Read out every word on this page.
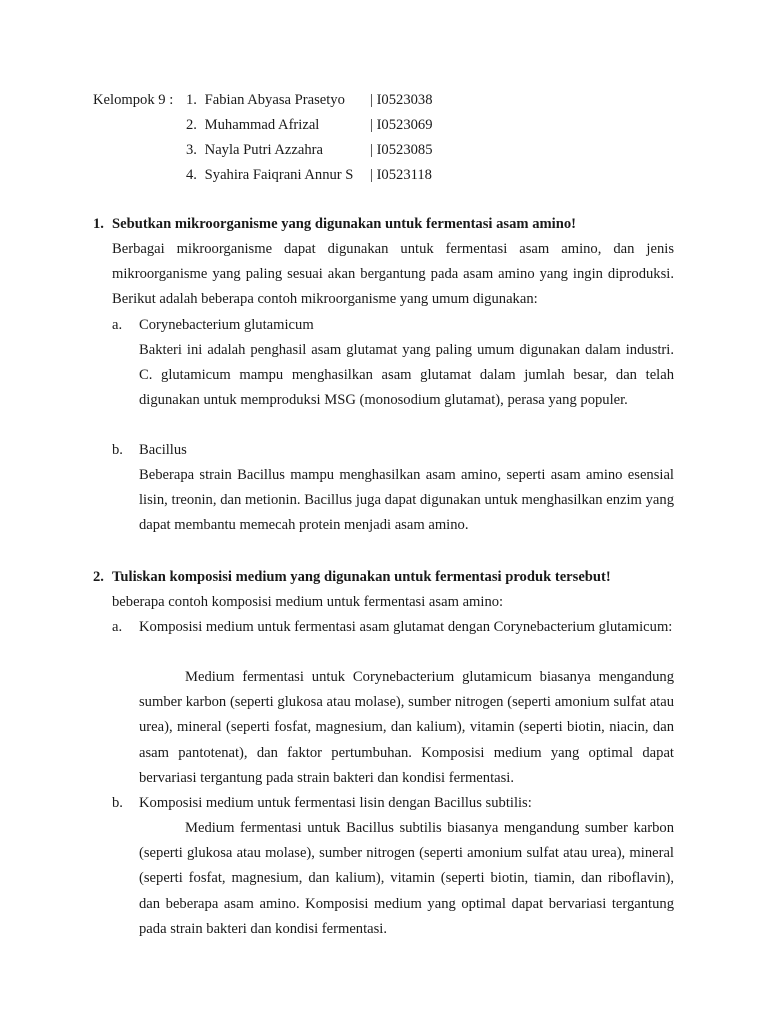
Kelompok 9 : 1. Fabian Abyasa Prasetyo | I0523038
2. Muhammad Afrizal	| I0523069
3. Nayla Putri Azzahra	| I0523085
4. Syahira Faiqrani Annur S | I0523118
1. Sebutkan mikroorganisme yang digunakan untuk fermentasi asam amino!
Berbagai mikroorganisme dapat digunakan untuk fermentasi asam amino, dan jenis mikroorganisme yang paling sesuai akan bergantung pada asam amino yang ingin diproduksi. Berikut adalah beberapa contoh mikroorganisme yang umum digunakan:
a. Corynebacterium glutamicum
Bakteri ini adalah penghasil asam glutamat yang paling umum digunakan dalam industri. C. glutamicum mampu menghasilkan asam glutamat dalam jumlah besar, dan telah digunakan untuk memproduksi MSG (monosodium glutamat), perasa yang populer.
b. Bacillus
Beberapa strain Bacillus mampu menghasilkan asam amino, seperti asam amino esensial lisin, treonin, dan metionin. Bacillus juga dapat digunakan untuk menghasilkan enzim yang dapat membantu memecah protein menjadi asam amino.
2. Tuliskan komposisi medium yang digunakan untuk fermentasi produk tersebut!
beberapa contoh komposisi medium untuk fermentasi asam amino:
a. Komposisi medium untuk fermentasi asam glutamat dengan Corynebacterium glutamicum:
Medium fermentasi untuk Corynebacterium glutamicum biasanya mengandung sumber karbon (seperti glukosa atau molase), sumber nitrogen (seperti amonium sulfat atau urea), mineral (seperti fosfat, magnesium, dan kalium), vitamin (seperti biotin, niacin, dan asam pantotenat), dan faktor pertumbuhan. Komposisi medium yang optimal dapat bervariasi tergantung pada strain bakteri dan kondisi fermentasi.
b. Komposisi medium untuk fermentasi lisin dengan Bacillus subtilis:
Medium fermentasi untuk Bacillus subtilis biasanya mengandung sumber karbon (seperti glukosa atau molase), sumber nitrogen (seperti amonium sulfat atau urea), mineral (seperti fosfat, magnesium, dan kalium), vitamin (seperti biotin, tiamin, dan riboflavin), dan beberapa asam amino. Komposisi medium yang optimal dapat bervariasi tergantung pada strain bakteri dan kondisi fermentasi.
